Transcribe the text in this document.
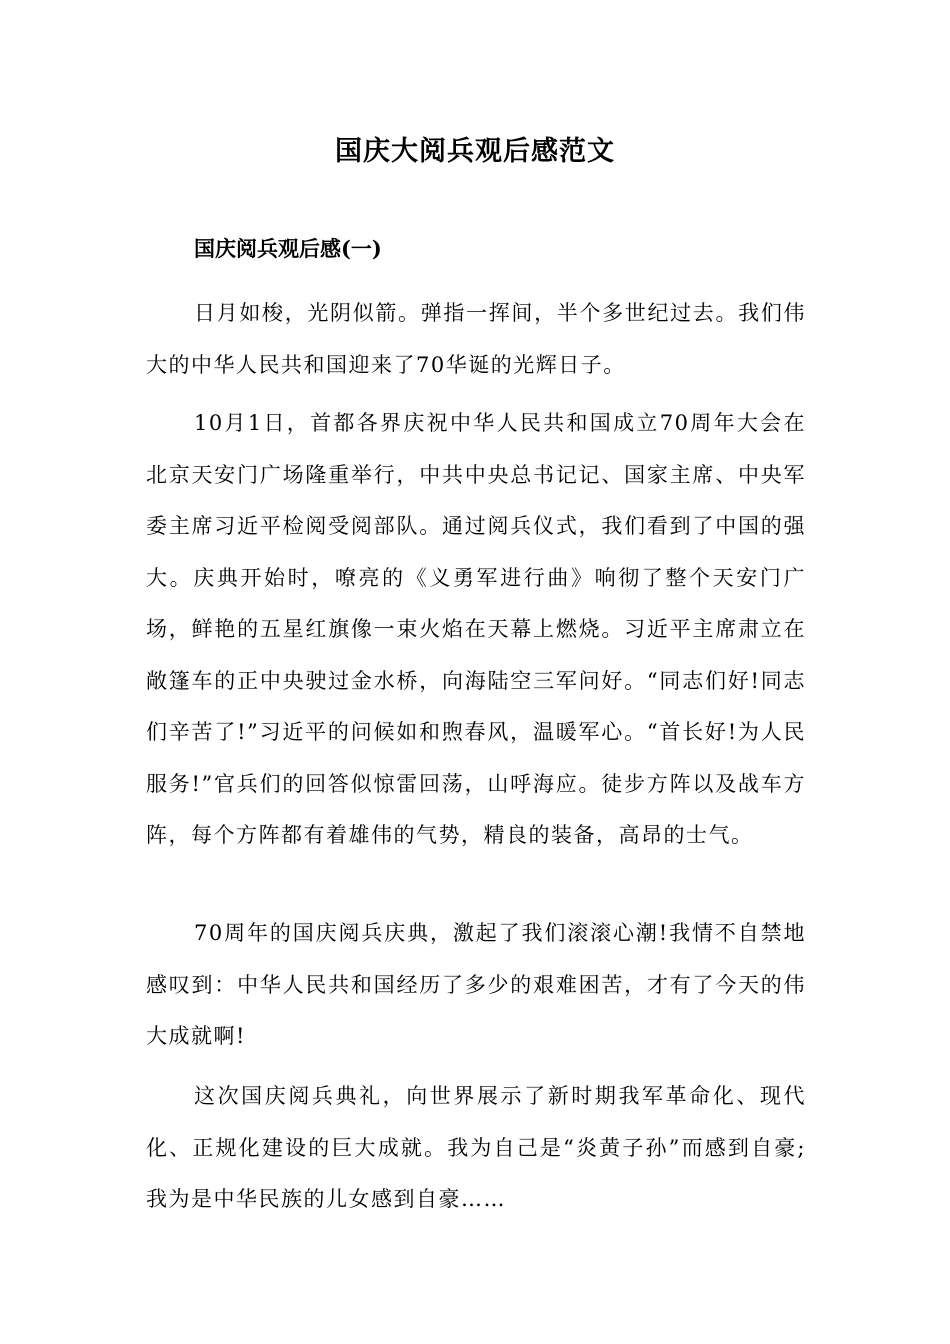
国庆大阅兵观后感范文
国庆阅兵观后感(一)

日月如梭，光阴似箭。弹指一挥间，半个多世纪过去。我们伟大的中华人民共和国迎来了70华诞的光辉日子。

10月1日，首都各界庆祝中华人民共和国成立70周年大会在北京天安门广场隆重举行，中共中央总书记记、国家主席、中央军委主席习近平检阅受阅部队。通过阅兵仪式，我们看到了中国的强大。庆典开始时，嘹亮的《义勇军进行曲》响彻了整个天安门广场，鲜艳的五星红旗像一束火焰在天幕上燃烧。习近平主席肃立在敞篷车的正中央驶过金水桥，向海陆空三军问好。“同志们好!同志们辛苦了!”习近平的问候如和煦春风，温暖军心。“首长好!为人民服务!”官兵们的回答似惊雷回荡，山呼海应。徒步方阵以及战车方阵，每个方阵都有着雄伟的气势，精良的装备，高昂的士气。

70周年的国庆阅兵庆典，激起了我们滚滚心潮!我情不自禁地感叹到：中华人民共和国经历了多少的艰难困苦，才有了今天的伟大成就啊!

这次国庆阅兵典礼，向世界展示了新时期我军革命化、现代化、正规化建设的巨大成就。我为自己是“炎黄子孙”而感到自豪;我为是中华民族的儿女感到自豪……
